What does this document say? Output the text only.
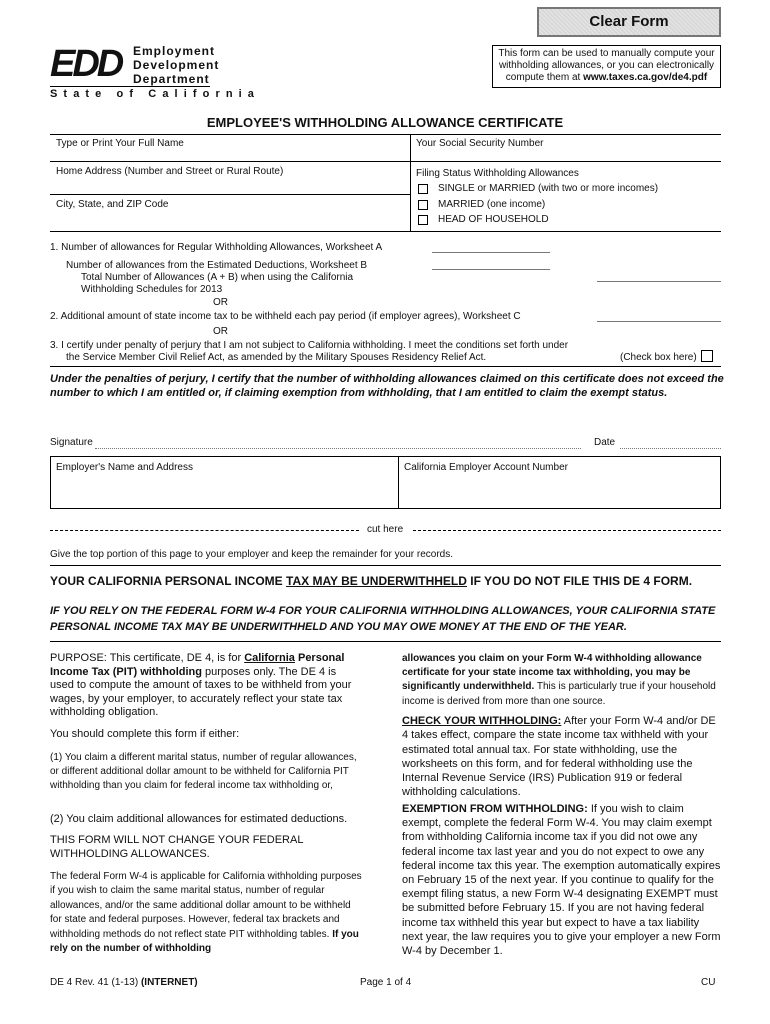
Clear Form
This form can be used to manually compute your withholding allowances, or you can electronically compute them at www.taxes.ca.gov/de4.pdf
EDD Employment
Development
Department
State of California
EMPLOYEE'S WITHHOLDING ALLOWANCE CERTIFICATE
Type or Print Your Full Name	Your Social Security Number
Home Address (Number and Street or Rural Route)	Filing Status Withholding Allowances
City, State, and ZIP Code
SINGLE or MARRIED (with two or more incomes)
MARRIED (one income)
HEAD OF HOUSEHOLD
1. Number of allowances for Regular Withholding Allowances, Worksheet A
Number of allowances from the Estimated Deductions, Worksheet B
Total Number of Allowances (A + B) when using the California
Withholding Schedules for 2013
OR
2. Additional amount of state income tax to be withheld each pay period (if employer agrees), Worksheet C
OR
3. I certify under penalty of perjury that I am not subject to California withholding. I meet the conditions set forth under
the Service Member Civil Relief Act, as amended by the Military Spouses Residency Relief Act.	(Check box here)
Under the penalties of perjury, I certify that the number of withholding allowances claimed on this certificate does not exceed the number to which I am entitled or, if claiming exemption from withholding, that I am entitled to claim the exempt status.
Signature	Date
Employer's Name and Address	California Employer Account Number
cut here
Give the top portion of this page to your employer and keep the remainder for your records.
YOUR CALIFORNIA PERSONAL INCOME TAX MAY BE UNDERWITHHELD IF YOU DO NOT FILE THIS DE 4 FORM.
IF YOU RELY ON THE FEDERAL FORM W-4 FOR YOUR CALIFORNIA WITHHOLDING ALLOWANCES, YOUR CALIFORNIA STATE PERSONAL INCOME TAX MAY BE UNDERWITHHELD AND YOU MAY OWE MONEY AT THE END OF THE YEAR.
PURPOSE: This certificate, DE 4, is for California Personal Income Tax (PIT) withholding purposes only. The DE 4 is used to compute the amount of taxes to be withheld from your wages, by your employer, to accurately reflect your state tax withholding obligation.
You should complete this form if either:
(1) You claim a different marital status, number of regular allowances, or different additional dollar amount to be withheld for California PIT withholding than you claim for federal income tax withholding or,
(2) You claim additional allowances for estimated deductions.
THIS FORM WILL NOT CHANGE YOUR FEDERAL WITHHOLDING ALLOWANCES.
The federal Form W-4 is applicable for California withholding purposes if you wish to claim the same marital status, number of regular allowances, and/or the same additional dollar amount to be withheld for state and federal purposes. However, federal tax brackets and withholding methods do not reflect state PIT withholding tables. If you rely on the number of withholding
allowances you claim on your Form W-4 withholding allowance certificate for your state income tax withholding, you may be significantly underwithheld. This is particularly true if your household income is derived from more than one source.
CHECK YOUR WITHHOLDING: After your Form W-4 and/or DE 4 takes effect, compare the state income tax withheld with your estimated total annual tax. For state withholding, use the worksheets on this form, and for federal withholding use the Internal Revenue Service (IRS) Publication 919 or federal withholding calculations.
EXEMPTION FROM WITHHOLDING: If you wish to claim exempt, complete the federal Form W-4. You may claim exempt from withholding California income tax if you did not owe any federal income tax last year and you do not expect to owe any federal income tax this year. The exemption automatically expires on February 15 of the next year. If you continue to qualify for the exempt filing status, a new Form W-4 designating EXEMPT must be submitted before February 15. If you are not having federal income tax withheld this year but expect to have a tax liability next year, the law requires you to give your employer a new Form W-4 by December 1.
DE 4 Rev. 41 (1-13) (INTERNET)	Page 1 of 4	CU
